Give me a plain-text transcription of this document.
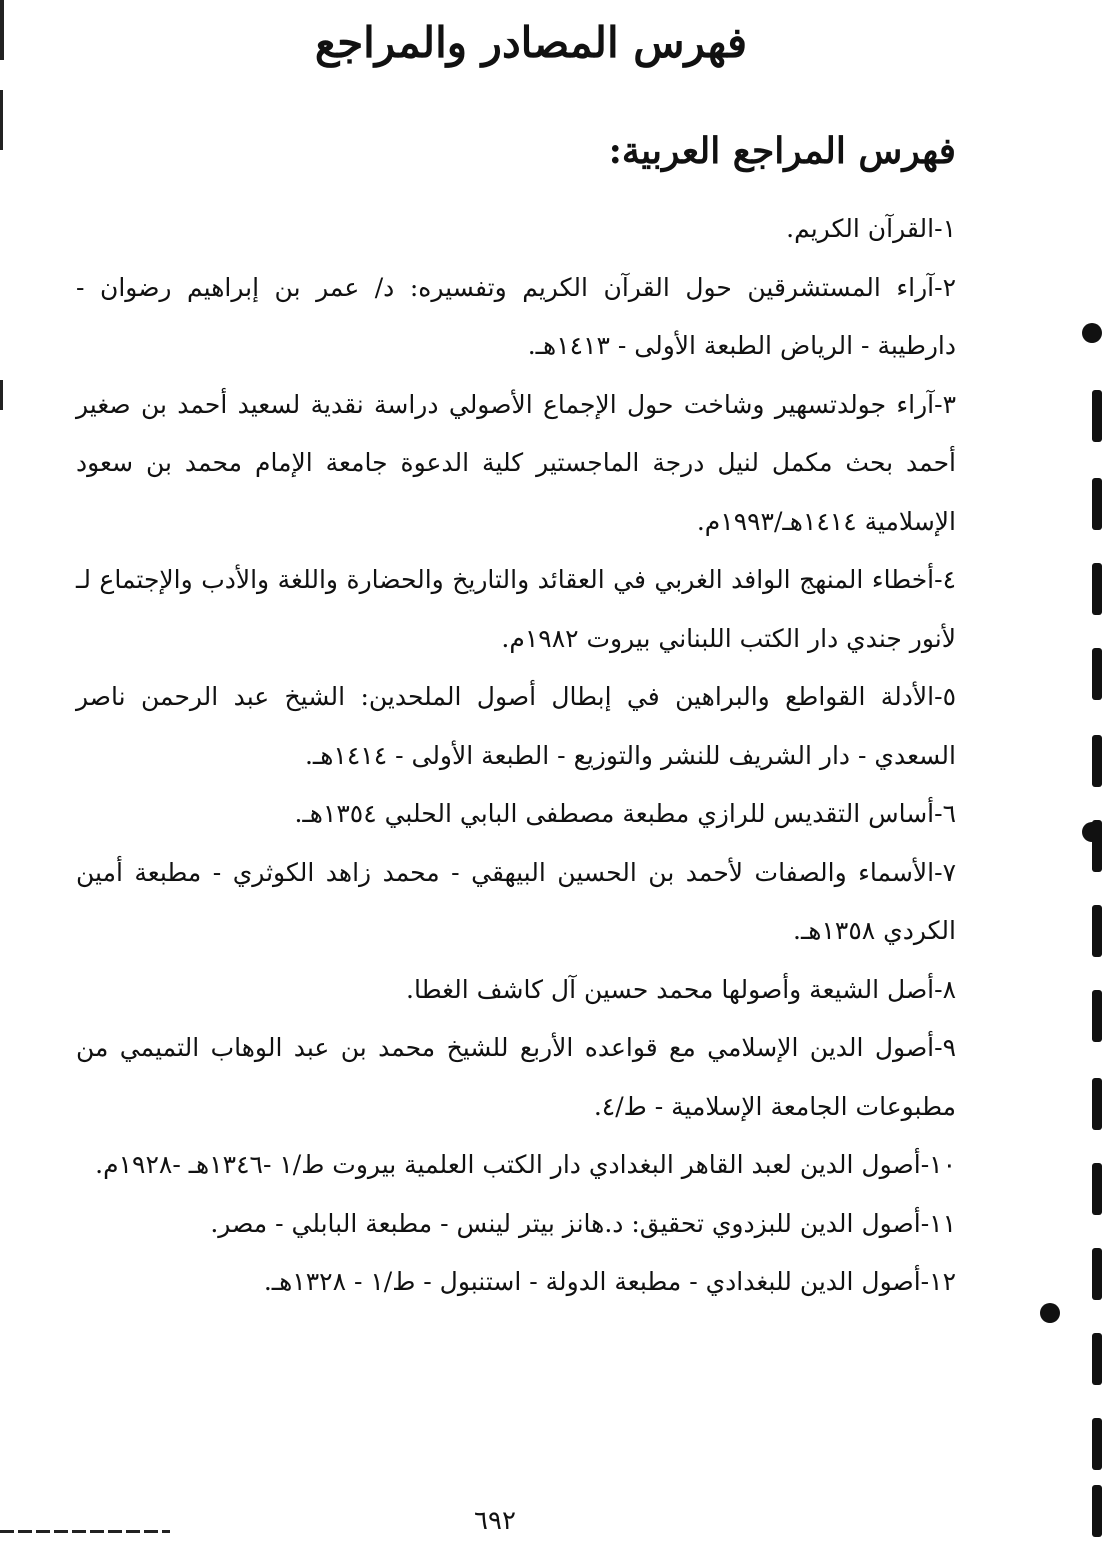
فهرس المصادر والمراجع
فهرس المراجع العربية:

١-القرآن الكريم.

٢-آراء المستشرقين حول القرآن الكريم وتفسيره: د/ عمر بن إبراهيم رضوان - دارطيبة - الرياض الطبعة الأولى - ١٤١٣هـ.

٣-آراء جولدتسهير وشاخت حول الإجماع الأصولي دراسة نقدية لسعيد أحمد بن صغير أحمد بحث مكمل لنيل درجة الماجستير كلية الدعوة جامعة الإمام محمد بن سعود الإسلامية ١٤١٤هـ/١٩٩٣م.

٤-أخطاء المنهج الوافد الغربي في العقائد والتاريخ والحضارة واللغة والأدب والإجتماع لـ لأنور جندي دار الكتب اللبناني بيروت ١٩٨٢م.

٥-الأدلة القواطع والبراهين في إبطال أصول الملحدين: الشيخ عبد الرحمن ناصر السعدي - دار الشريف للنشر والتوزيع - الطبعة الأولى - ١٤١٤هـ.

٦-أساس التقديس للرازي مطبعة مصطفى البابي الحلبي ١٣٥٤هـ.

٧-الأسماء والصفات لأحمد بن الحسين البيهقي - محمد زاهد الكوثري - مطبعة أمين الكردي ١٣٥٨هـ.

٨-أصل الشيعة وأصولها محمد حسين آل كاشف الغطا.

٩-أصول الدين الإسلامي مع قواعده الأربع للشيخ محمد بن عبد الوهاب التميمي من مطبوعات الجامعة الإسلامية - ط/٤.

١٠-أصول الدين لعبد القاهر البغدادي دار الكتب العلمية بيروت ط/١ -١٣٤٦هـ -١٩٢٨م.

١١-أصول الدين للبزدوي تحقيق: د.هانز بيتر لينس - مطبعة البابلي - مصر.

١٢-أصول الدين للبغدادي - مطبعة الدولة - استنبول - ط/١ - ١٣٢٨هـ.

٦٩٢
